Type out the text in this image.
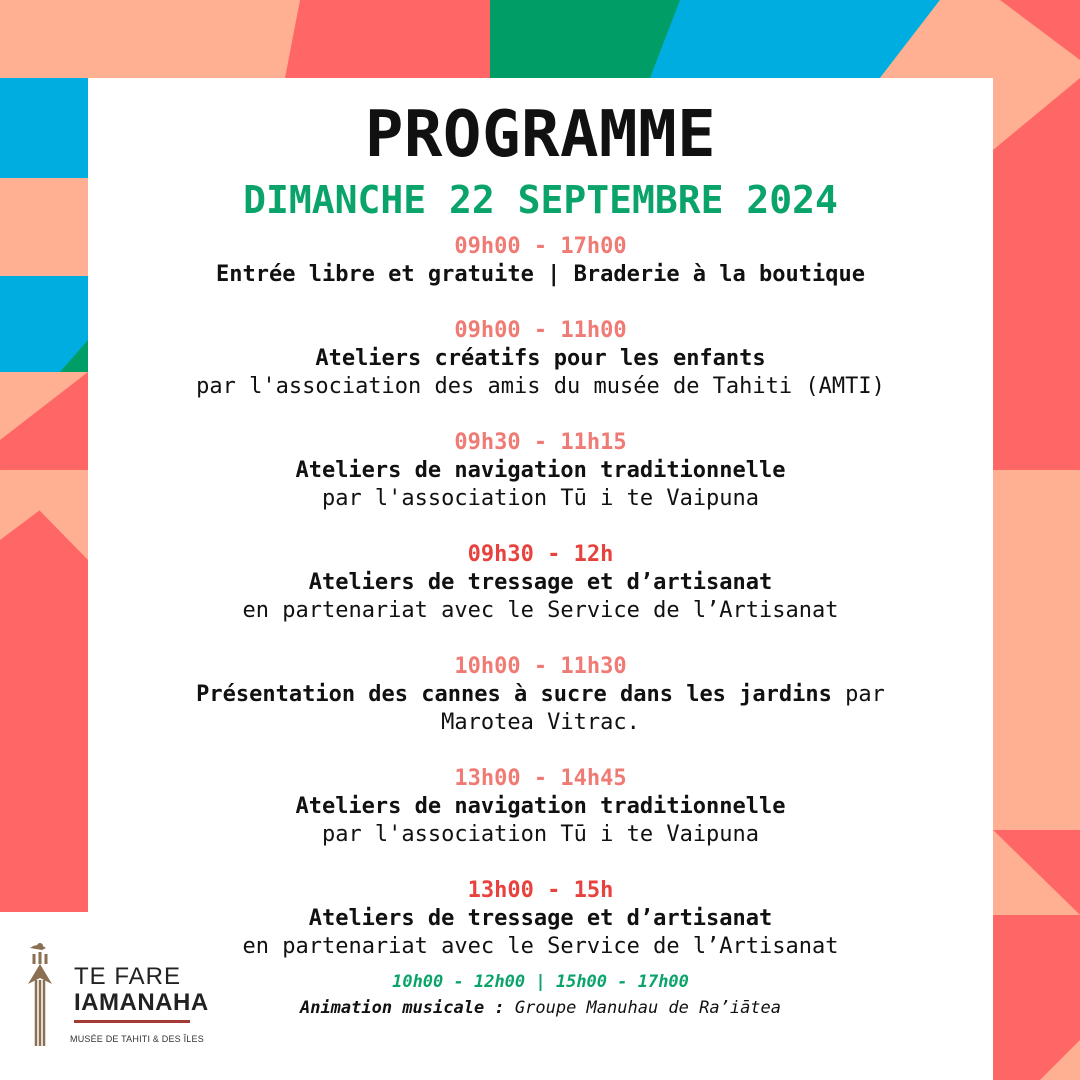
PROGRAMME
DIMANCHE 22 SEPTEMBRE 2024
09h00 - 17h00
Entrée libre et gratuite | Braderie à la boutique
09h00 - 11h00
Ateliers créatifs pour les enfants
par l'association des amis du musée de Tahiti (AMTI)
09h30 - 11h15
Ateliers de navigation traditionnelle
par l'association Tū i te Vaipuna
09h30 - 12h
Ateliers de tressage et d’artisanat
en partenariat avec le Service de l’Artisanat
10h00 - 11h30
Présentation des cannes à sucre dans les jardins par
Marotea Vitrac.
13h00 - 14h45
Ateliers de navigation traditionnelle
par l'association Tū i te Vaipuna
13h00 - 15h
Ateliers de tressage et d’artisanat
en partenariat avec le Service de l’Artisanat
10h00 - 12h00 | 15h00 - 17h00
Animation musicale : Groupe Manuhau de Ra’iātea
TE FARE
IAMANAHA
MUSÉE DE TAHITI & DES ÎLES
